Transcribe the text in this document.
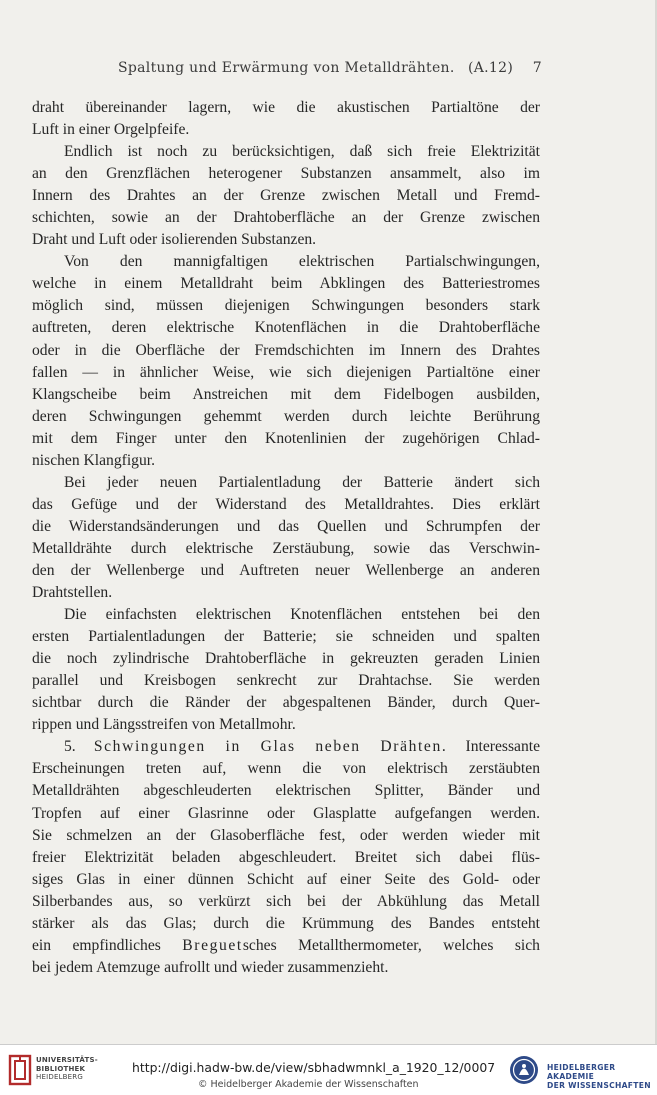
Spaltung und Erwärmung von Metalldrähten. (A.12) 7

draht übereinander lagern, wie die akustischen Partialtöne der

Luft in einer Orgelpfeife.

Endlich ist noch zu berücksichtigen, daß sich freie Elektrizität

an den Grenzflächen heterogener Substanzen ansammelt, also im

Innern des Drahtes an der Grenze zwischen Metall und Fremd-

schichten, sowie an der Drahtoberfläche an der Grenze zwischen

Draht und Luft oder isolierenden Substanzen.

Von den mannigfaltigen elektrischen Partialschwingungen,

welche in einem Metalldraht beim Abklingen des Batteriestromes

möglich sind, müssen diejenigen Schwingungen besonders stark

auftreten, deren elektrische Knotenflächen in die Drahtoberfläche

oder in die Oberfläche der Fremdschichten im Innern des Drahtes

fallen — in ähnlicher Weise, wie sich diejenigen Partialtöne einer

Klangscheibe beim Anstreichen mit dem Fidelbogen ausbilden,

deren Schwingungen gehemmt werden durch leichte Berührung

mit dem Finger unter den Knotenlinien der zugehörigen Chlad-

nischen Klangfigur.

Bei jeder neuen Partialentladung der Batterie ändert sich

das Gefüge und der Widerstand des Metalldrahtes. Dies erklärt

die Widerstandsänderungen und das Quellen und Schrumpfen der

Metalldrähte durch elektrische Zerstäubung, sowie das Verschwin-

den der Wellenberge und Auftreten neuer Wellenberge an anderen

Drahtstellen.

Die einfachsten elektrischen Knotenflächen entstehen bei den

ersten Partialentladungen der Batterie; sie schneiden und spalten

die noch zylindrische Drahtoberfläche in gekreuzten geraden Linien

parallel und Kreisbogen senkrecht zur Drahtachse. Sie werden

sichtbar durch die Ränder der abgespaltenen Bänder, durch Quer-

rippen und Längsstreifen von Metallmohr.

5. Schwingungen in Glas neben Drähten. Interessante

Erscheinungen treten auf, wenn die von elektrisch zerstäubten

Metalldrähten abgeschleuderten elektrischen Splitter, Bänder und

Tropfen auf einer Glasrinne oder Glasplatte aufgefangen werden.

Sie schmelzen an der Glasoberfläche fest, oder werden wieder mit

freier Elektrizität beladen abgeschleudert. Breitet sich dabei flüs-

siges Glas in einer dünnen Schicht auf einer Seite des Gold- oder

Silberbandes aus, so verkürzt sich bei der Abkühlung das Metall

stärker als das Glas; durch die Krümmung des Bandes entsteht

ein empfindliches Breguetsches Metallthermometer, welches sich

bei jedem Atemzuge aufrollt und wieder zusammenzieht.

UNIVERSITÄTS-
BIBLIOTHEK
HEIDELBERG
http://digi.hadw-bw.de/view/sbhadwmnkl_a_1920_12/0007
© Heidelberger Akademie der Wissenschaften
HEIDELBERGER AKADEMIE
DER WISSENSCHAFTEN
